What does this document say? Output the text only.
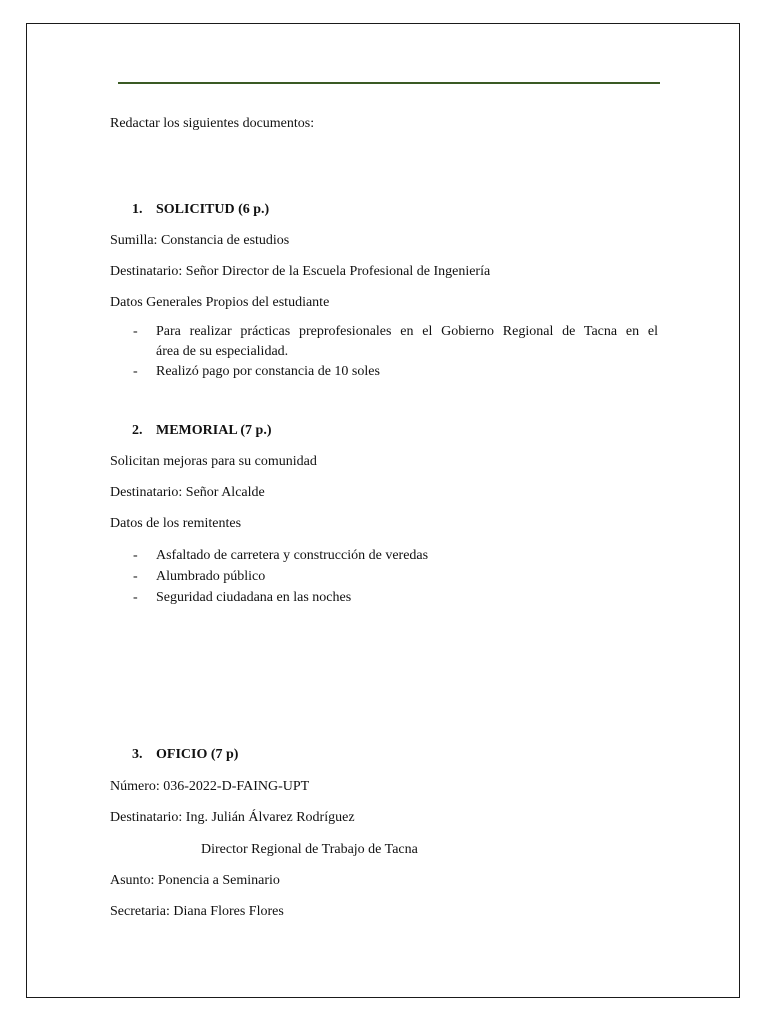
Redactar los siguientes documentos:
1. SOLICITUD (6 p.)
Sumilla: Constancia de estudios
Destinatario: Señor Director de la Escuela Profesional de Ingeniería
Datos Generales Propios del estudiante
- Para realizar prácticas preprofesionales en el Gobierno Regional de Tacna en el
área de su especialidad.
- Realizó pago por constancia de 10 soles
2. MEMORIAL (7 p.)
Solicitan mejoras para su comunidad
Destinatario: Señor Alcalde
Datos de los remitentes
- Asfaltado de carretera y construcción de veredas
- Alumbrado público
- Seguridad ciudadana en las noches
3. OFICIO (7 p)
Número: 036-2022-D-FAING-UPT
Destinatario: Ing. Julián Álvarez Rodríguez
Director Regional de Trabajo de Tacna
Asunto: Ponencia a Seminario
Secretaria: Diana Flores Flores
